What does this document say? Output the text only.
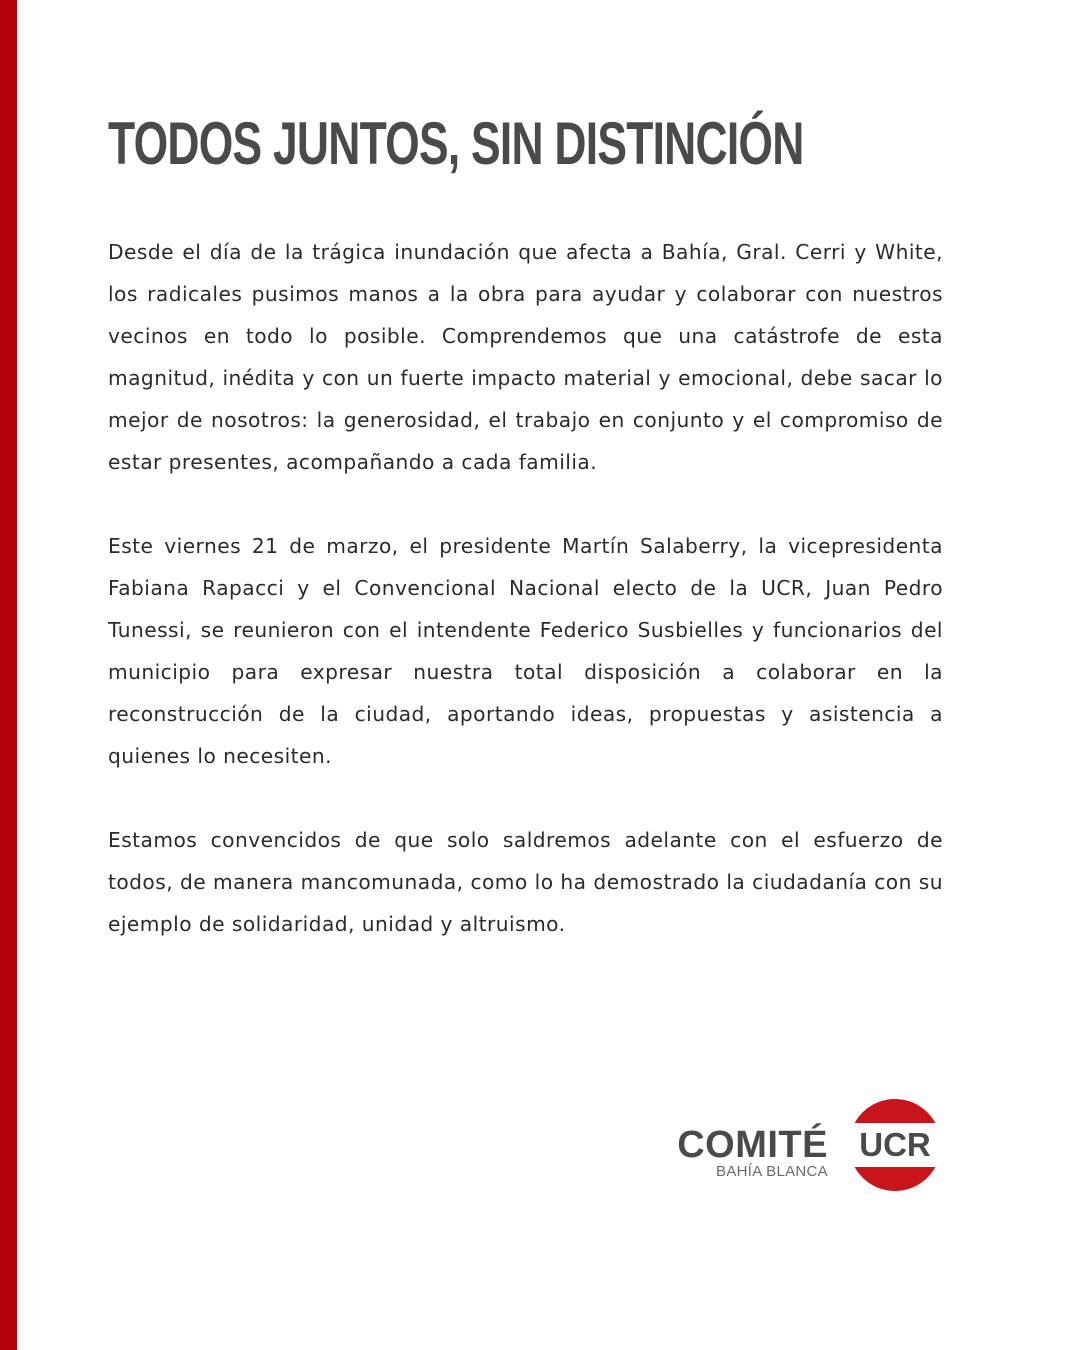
TODOS JUNTOS, SIN DISTINCIÓN

Desde el día de la trágica inundación que afecta a Bahía, Gral. Cerri y White, los radicales pusimos manos a la obra para ayudar y colaborar con nuestros vecinos en todo lo posible. Comprendemos que una catástrofe de esta magnitud, inédita y con un fuerte impacto material y emocional, debe sacar lo mejor de nosotros: la generosidad, el trabajo en conjunto y el compromiso de estar presentes, acompañando a cada familia.

Este viernes 21 de marzo, el presidente Martín Salaberry, la vicepresidenta Fabiana Rapacci y el Convencional Nacional electo de la UCR, Juan Pedro Tunessi, se reunieron con el intendente Federico Susbielles y funcionarios del municipio para expresar nuestra total disposición a colaborar en la reconstrucción de la ciudad, aportando ideas, propuestas y asistencia a quienes lo necesiten.

Estamos convencidos de que solo saldremos adelante con el esfuerzo de todos, de manera mancomunada, como lo ha demostrado la ciudadanía con su ejemplo de solidaridad, unidad y altruismo.

COMITÉ
BAHÍA BLANCA
UCR
